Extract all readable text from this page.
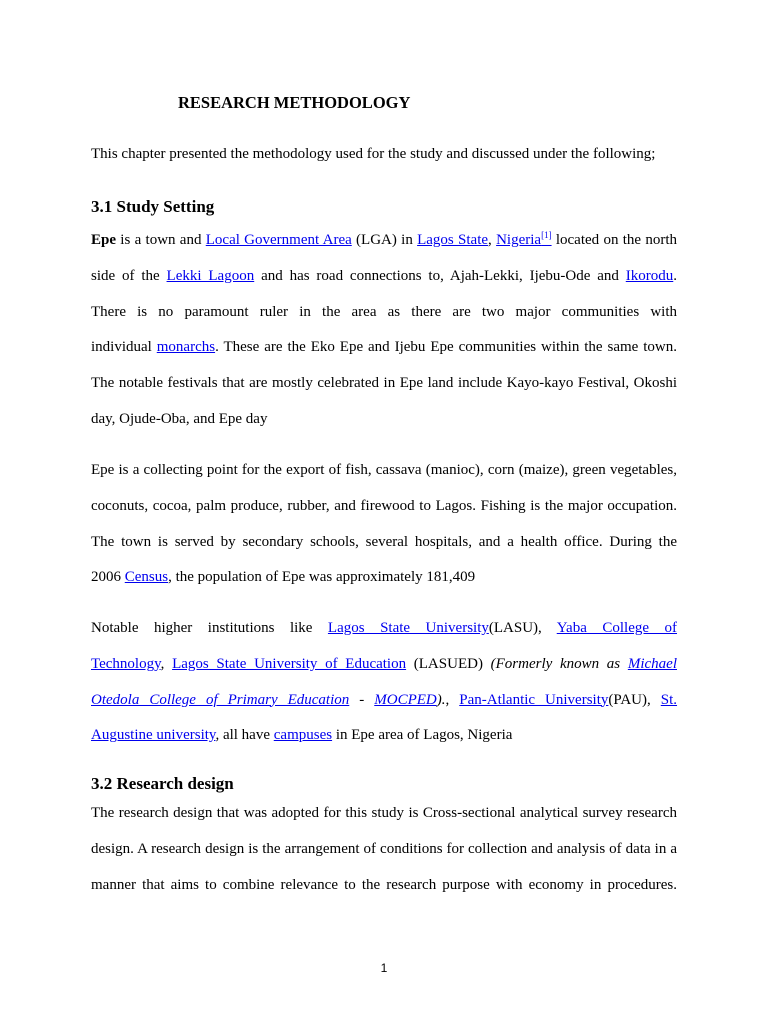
RESEARCH METHODOLOGY

This chapter presented the methodology used for the study and discussed under the following;

3.1 Study Setting
Epe is a town and Local Government Area (LGA) in Lagos State, Nigeria[1] located on the north
side of the Lekki Lagoon and has road connections to, Ajah-Lekki, Ijebu-Ode and Ikorodu.
There is no paramount ruler in the area as there are two major communities with
individual monarchs. These are the Eko Epe and Ijebu Epe communities within the same town.
The notable festivals that are mostly celebrated in Epe land include Kayo-kayo Festival, Okoshi
day, Ojude-Oba, and Epe day
Epe is a collecting point for the export of fish, cassava (manioc), corn (maize), green vegetables,
coconuts, cocoa, palm produce, rubber, and firewood to Lagos. Fishing is the major occupation.
The town is served by secondary schools, several hospitals, and a health office. During the
2006 Census, the population of Epe was approximately 181,409
Notable higher institutions like Lagos State University(LASU), Yaba College of
Technology, Lagos State University of Education (LASUED) (Formerly known as Michael
Otedola College of Primary Education - MOCPED)., Pan-Atlantic University(PAU), St.
Augustine university, all have campuses in Epe area of Lagos, Nigeria
3.2 Research design
The research design that was adopted for this study is Cross-sectional analytical survey research
design. A research design is the arrangement of conditions for collection and analysis of data in a
manner that aims to combine relevance to the research purpose with economy in procedures.

1
